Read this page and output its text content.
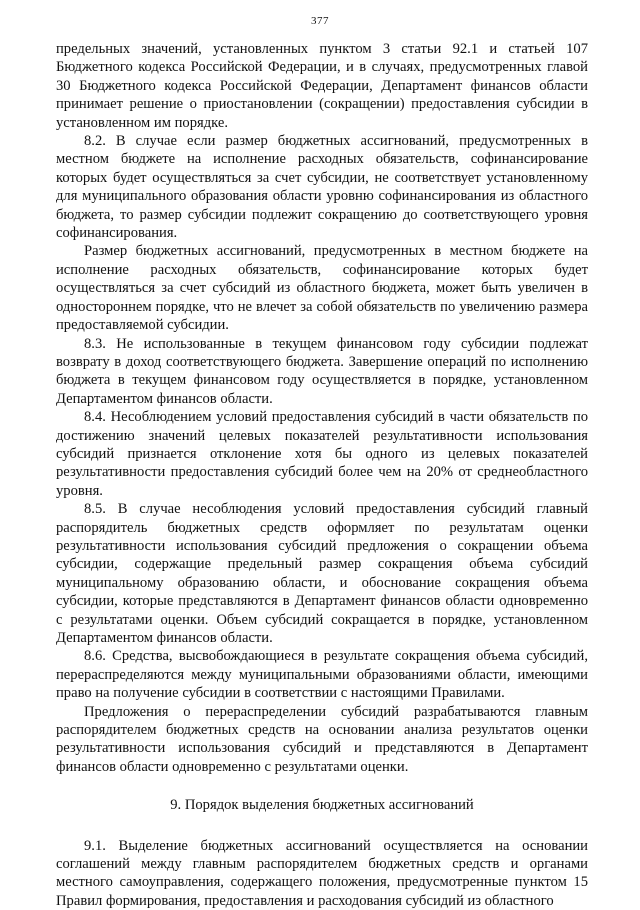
377

предельных значений, установленных пунктом 3 статьи 92.1 и статьей 107 Бюджетного кодекса Российской Федерации, и в случаях, предусмотренных главой 30 Бюджетного кодекса Российской Федерации, Департамент финансов области принимает решение о приостановлении (сокращении) предоставления субсидии в установленном им порядке.

8.2. В случае если размер бюджетных ассигнований, предусмотренных в местном бюджете на исполнение расходных обязательств, софинансирование которых будет осуществляться за счет субсидии, не соответствует установленному для муниципального образования области уровню софинансирования из областного бюджета, то размер субсидии подлежит сокращению до соответствующего уровня софинансирования.

Размер бюджетных ассигнований, предусмотренных в местном бюджете на исполнение расходных обязательств, софинансирование которых будет осуществляться за счет субсидий из областного бюджета, может быть увеличен в одностороннем порядке, что не влечет за собой обязательств по увеличению размера предоставляемой субсидии.

8.3. Не использованные в текущем финансовом году субсидии подлежат возврату в доход соответствующего бюджета. Завершение операций по исполнению бюджета в текущем финансовом году осуществляется в порядке, установленном Департаментом финансов области.

8.4. Несоблюдением условий предоставления субсидий в части обязательств по достижению значений целевых показателей результативности использования субсидий признается отклонение хотя бы одного из целевых показателей результативности предоставления субсидий более чем на 20% от среднеобластного уровня.

8.5. В случае несоблюдения условий предоставления субсидий главный распорядитель бюджетных средств оформляет по результатам оценки результативности использования субсидий предложения о сокращении объема субсидии, содержащие предельный размер сокращения объема субсидий муниципальному образованию области, и обоснование сокращения объема субсидии, которые представляются в Департамент финансов области одновременно с результатами оценки. Объем субсидий сокращается в порядке, установленном Департаментом финансов области.

8.6. Средства, высвобождающиеся в результате сокращения объема субсидий, перераспределяются между муниципальными образованиями области, имеющими право на получение субсидии в соответствии с настоящими Правилами.

Предложения о перераспределении субсидий разрабатываются главным распорядителем бюджетных средств на основании анализа результатов оценки результативности использования субсидий и представляются в Департамент финансов области одновременно с результатами оценки.

9. Порядок выделения бюджетных ассигнований

9.1. Выделение бюджетных ассигнований осуществляется на основании соглашений между главным распорядителем бюджетных средств и органами местного самоуправления, содержащего положения, предусмотренные пунктом 15 Правил формирования, предоставления и расходования субсидий из областного
